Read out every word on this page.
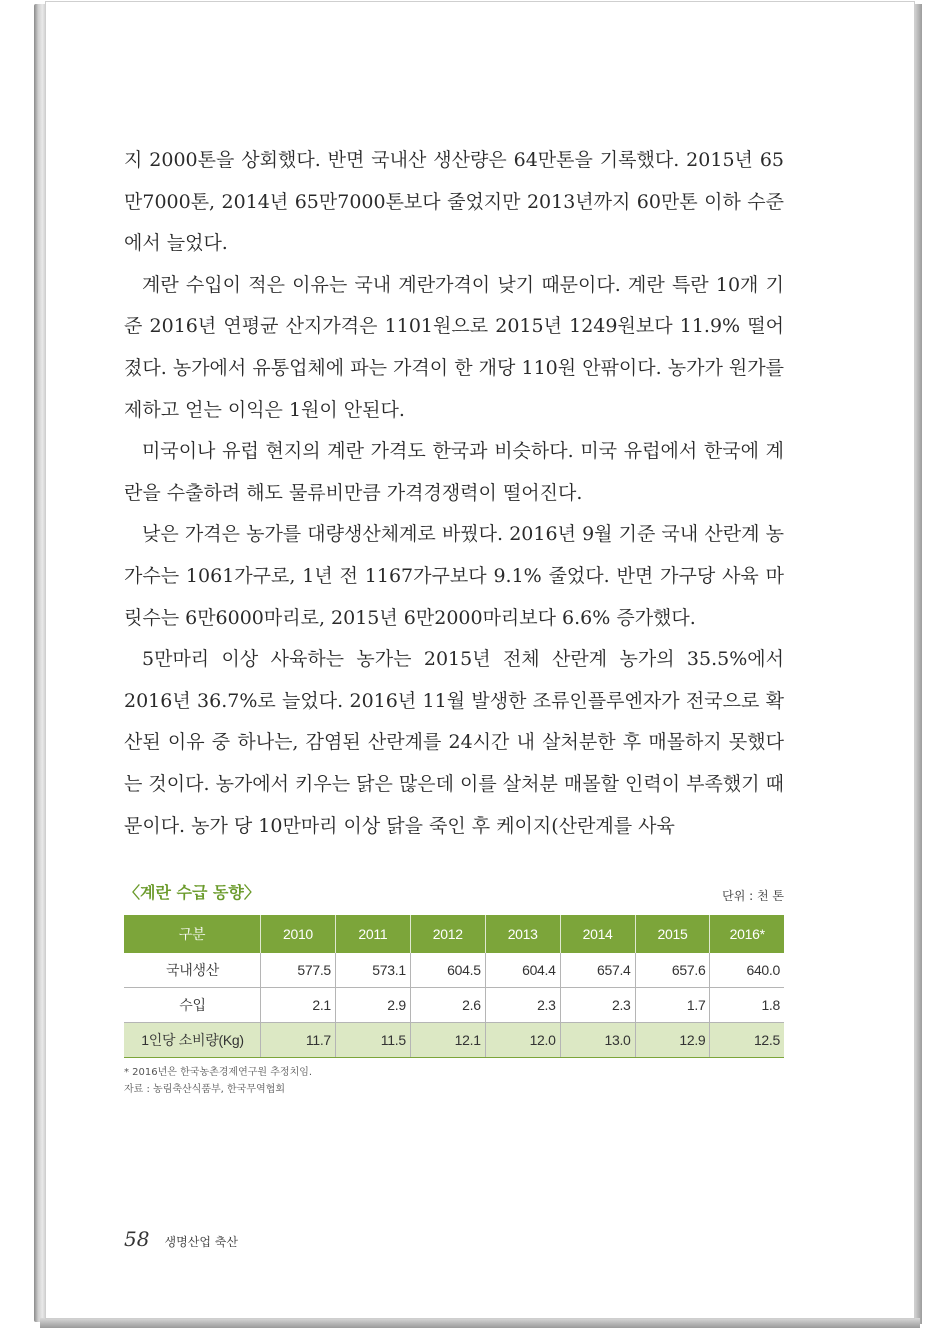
지 2000톤을 상회했다. 반면 국내산 생산량은 64만톤을 기록했다. 2015년 65만7000톤, 2014년 65만7000톤보다 줄었지만 2013년까지 60만톤 이하 수준에서 늘었다.

계란 수입이 적은 이유는 국내 계란가격이 낮기 때문이다. 계란 특란 10개 기준 2016년 연평균 산지가격은 1101원으로 2015년 1249원보다 11.9% 떨어졌다. 농가에서 유통업체에 파는 가격이 한 개당 110원 안팎이다. 농가가 원가를 제하고 얻는 이익은 1원이 안된다.

미국이나 유럽 현지의 계란 가격도 한국과 비슷하다. 미국 유럽에서 한국에 계란을 수출하려 해도 물류비만큼 가격경쟁력이 떨어진다.

낮은 가격은 농가를 대량생산체계로 바꿨다. 2016년 9월 기준 국내 산란계 농가수는 1061가구로, 1년 전 1167가구보다 9.1% 줄었다. 반면 가구당 사육 마릿수는 6만6000마리로, 2015년 6만2000마리보다 6.6% 증가했다.

5만마리 이상 사육하는 농가는 2015년 전체 산란계 농가의 35.5%에서 2016년 36.7%로 늘었다. 2016년 11월 발생한 조류인플루엔자가 전국으로 확산된 이유 중 하나는, 감염된 산란계를 24시간 내 살처분한 후 매몰하지 못했다는 것이다. 농가에서 키우는 닭은 많은데 이를 살처분 매몰할 인력이 부족했기 때문이다. 농가 당 10만마리 이상 닭을 죽인 후 케이지(산란계를 사육

〈계란 수급 동향〉	단위 : 천 톤
구분	2010	2011	2012	2013	2014	2015	2016*
국내생산	577.5	573.1	604.5	604.4	657.4	657.6	640.0
수입	2.1	2.9	2.6	2.3	2.3	1.7	1.8
1인당 소비량(Kg)	11.7	11.5	12.1	12.0	13.0	12.9	12.5
* 2016년은 한국농촌경제연구원 추정치임.
자료 : 농림축산식품부, 한국무역협회
58 생명산업 축산
